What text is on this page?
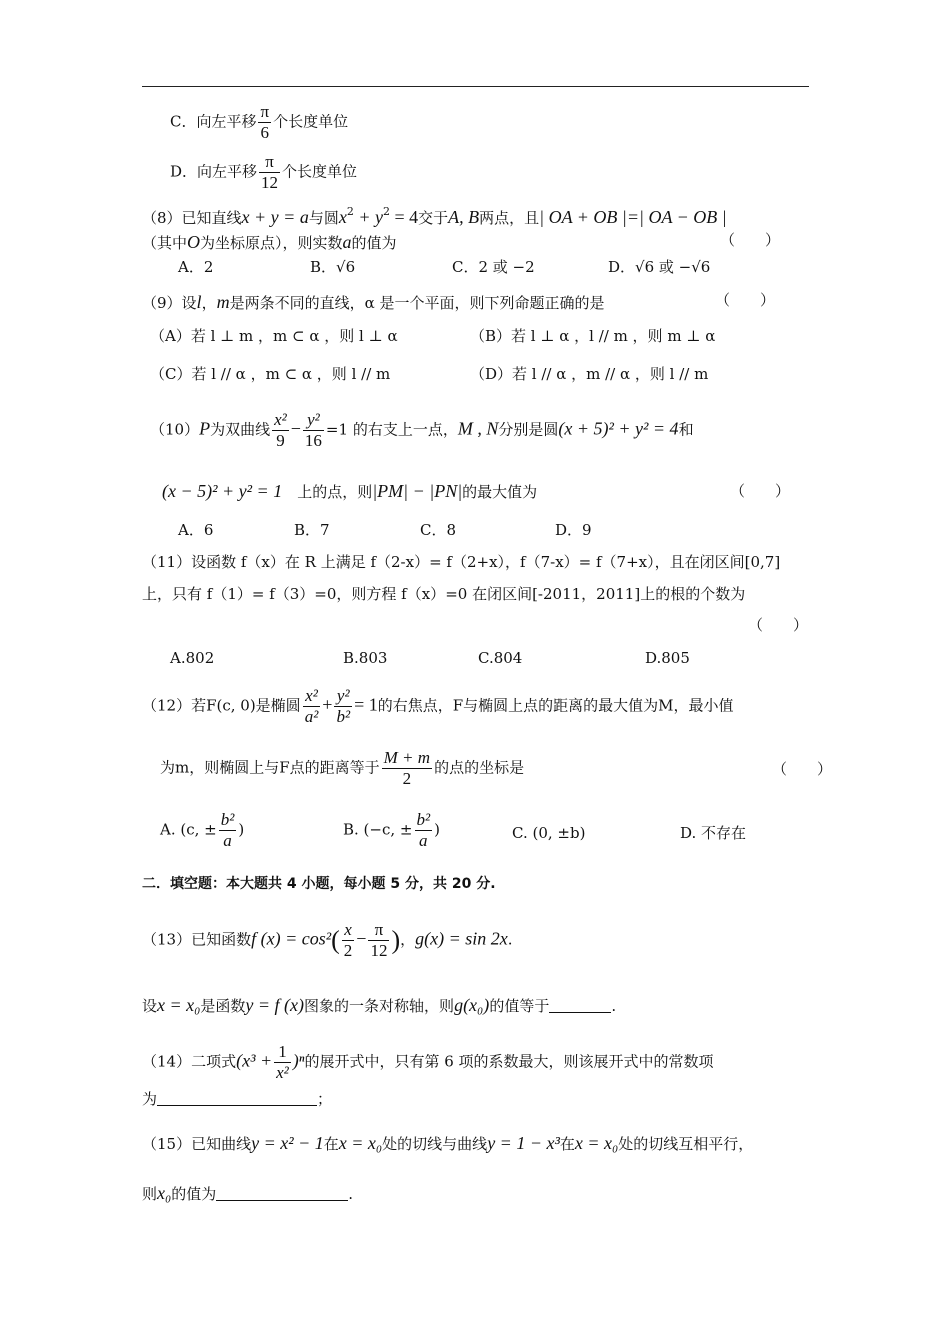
C．向左平移 $\frac{\pi}{6}$ 个长度单位
D．向左平移 $\frac{\pi}{12}$ 个长度单位
（8）已知直线x + y = a与圆$x^2 + y^2 = 4$交于A, B两点，且| OA + OB |=| OA − OB |
（其中O为坐标原点），则实数a的值为	（　　）
A．2	B．√6	C．2 或 −2	D．√6 或 −√6
（9）设l，m是两条不同的直线，α 是一个平面，则下列命题正确的是	（　　）
（A）若 l ⊥ m ，m ⊂ α ，则 l ⊥ α	（B）若 l ⊥ α ，l // m ，则 m ⊥ α
（C）若 l // α ，m ⊂ α ，则 l // m	（D）若 l // α ，m // α ，则 l // m
（10）P为双曲线 $\frac{\text{x²}}{9} - \frac{\text{y²}}{16} =1$ 的右支上一点，M , N分别是圆(x + 5)² + y² = 4和
(x − 5)² + y² = 1　 上的点，则|PM| − |PN|的最大值为	（　　）
A．6	B．7	C．8	D．9
（11）设函数 f（x）在 R 上满足 f（2-x）= f（2+x），f（7-x）= f（7+x），且在闭区间[0,7]
上，只有 f（1）= f（3）=0，则方程 f（x）=0 在闭区间[-2011，2011]上的根的个数为
（　　）
A.802	B.803	C.804	D.805
（12）若F(c, 0)是椭圆 $\frac{\text{x²}}{\text{a²}} + \frac{\text{y²}}{\text{b²}} = 1$的右焦点，F与椭圆上点的距离的最大值为M，最小值
为m，则椭圆上与F点的距离等于 $\frac{M + m}{2}$ 的点的坐标是	（　　）
A. (c, ± $\frac{\text{b²}}{a}$ )	B. (−c, ± $\frac{\text{b²}}{a}$ )	C. (0, ±b)	D. 不存在
二．填空题：本大题共 4 小题，每小题 5 分，共 20 分.
（13）已知函数f $(x) = \cos^2( \frac{x}{2} - \frac{\pi}{12}$ )，g(x) = sin 2x.
设x = x₀是函数y = f (x)图象的一条对称轴，则g(x₀)的值等于	.
（14）二项式$(x^3 + \frac{1}{\text{x²}} )^n$的展开式中，只有第 6 项的系数最大，则该展开式中的常数项
为	；
（15）已知曲线y = x² − 1在x = x₀处的切线与曲线y = 1 − x³在x = x₀处的切线互相平行，
则x₀的值为	.
